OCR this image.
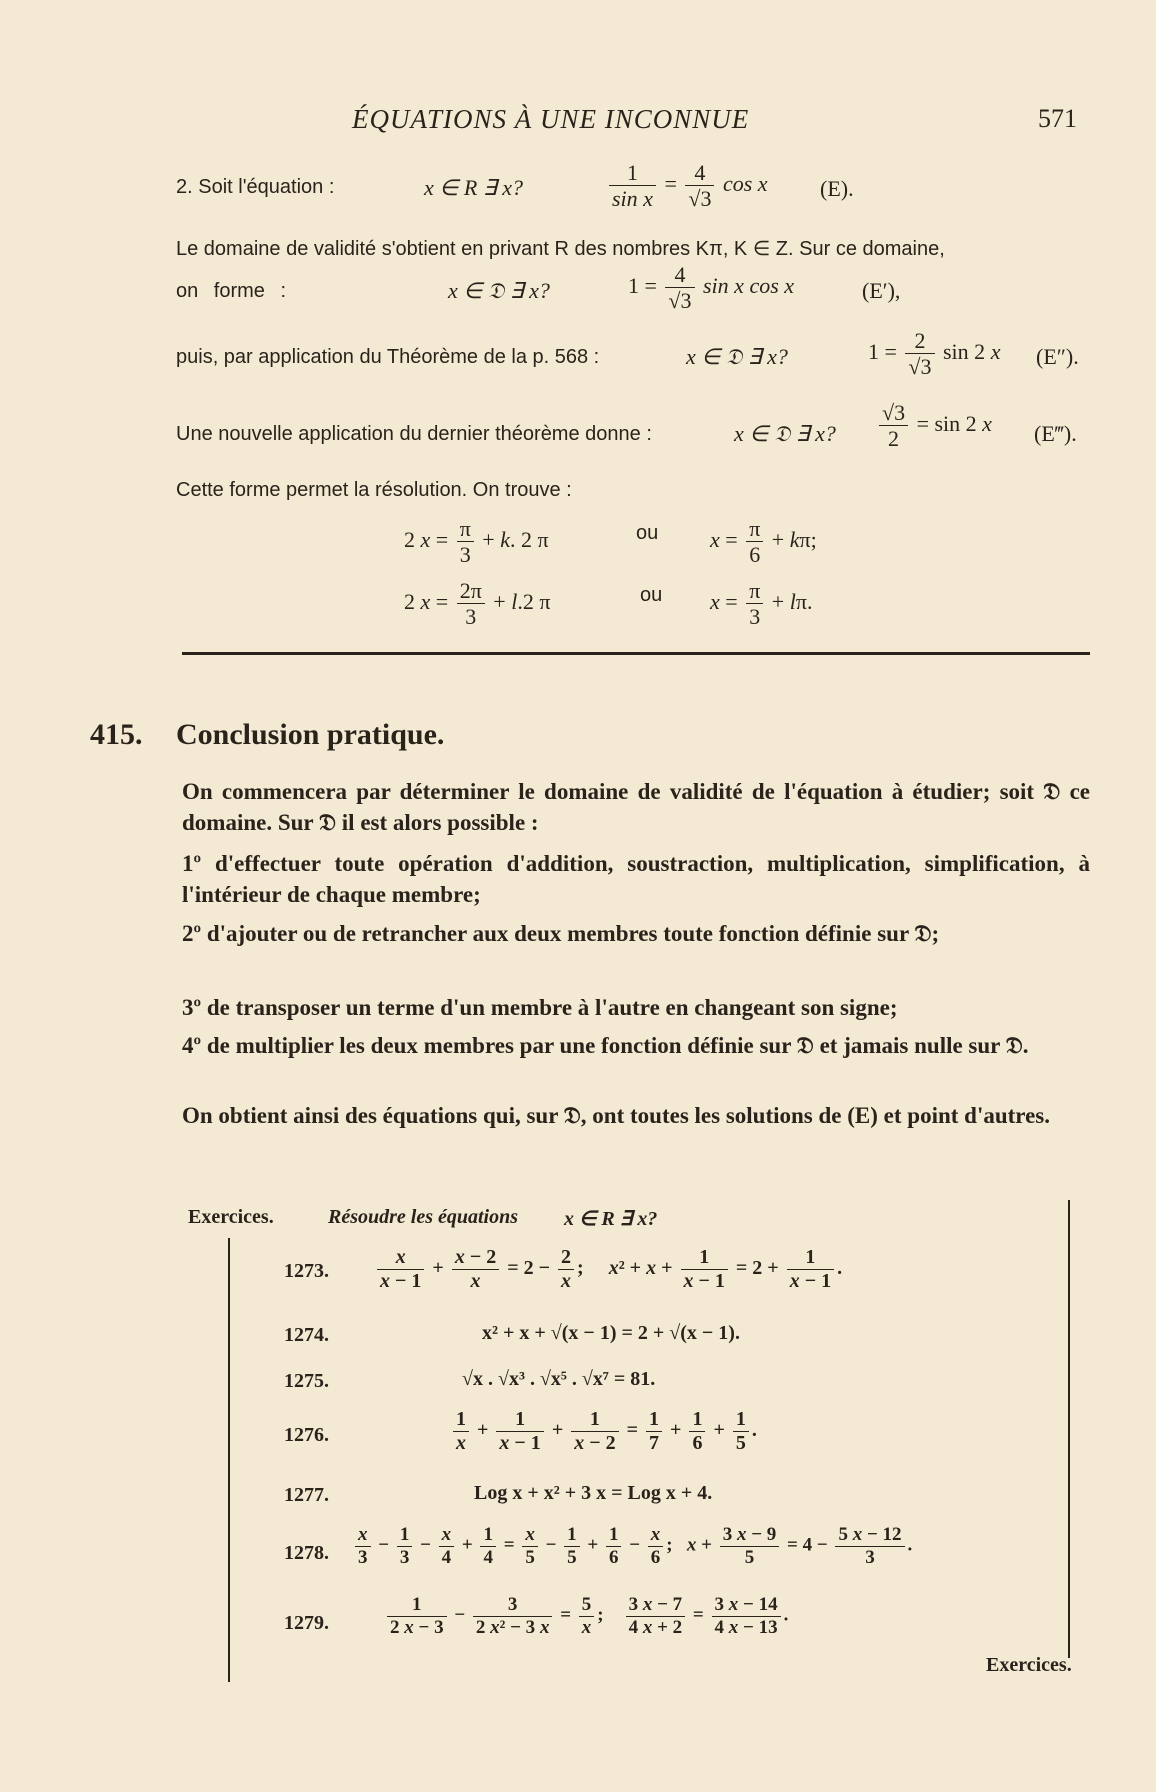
ÉQUATIONS À UNE INCONNUE	571
2. Soit l'équation :	x ∈ R ∃ x?	$\frac{1}{\text{sin x}} = \frac{4}{√3}$ cos x (E).
Le domaine de validité s'obtient en privant R des nombres Kπ, K ∈ Z. Sur ce domaine,
on forme :	x ∈ 𝔇 ∃ x?	$1 = \frac{4}{√3}$ sin x cos x	(E′),
puis, par application du Théorème de la p. 568 :	x ∈ 𝔇 ∃ x?	$1 = \frac{2}{√3}$ sin 2 x (E″).
Une nouvelle application du dernier théorème donne :	x ∈ 𝔇 ∃ x? $\frac{√3}{2} = \sin 2$ x (E‴).
Cette forme permet la résolution. On trouve :
2 $x = \frac{\pi}{3} + k$. 2 π	ou $x = \frac{\pi}{6} + k\pi$;
2 $x = \frac{2\pi}{3} + l.2$ π	ou $x = \frac{\pi}{3} + l\pi$.
415. Conclusion pratique.
On commencera par déterminer le domaine de validité de l'équation à étudier; soit 𝔇 ce domaine. Sur 𝔇 il est alors possible :
1º d'effectuer toute opération d'addition, soustraction, multiplication, simplification, à l'intérieur de chaque membre;
2º d'ajouter ou de retrancher aux deux membres toute fonction définie sur 𝔇;
3º de transposer un terme d'un membre à l'autre en changeant son signe;
4º de multiplier les deux membres par une fonction définie sur 𝔇 et jamais nulle sur 𝔇.
On obtient ainsi des équations qui, sur 𝔇, ont toutes les solutions de (E) et point d'autres.
Exercices.	Résoudre les équations x ∈ R ∃ x?
1273. $\frac{x}{x - 1} + \frac{x - 2}{x} = 2 - \frac{2}{x}$ ;     $x^2 + x + \frac{1}{x - 1} = 2 + \frac{1}{x - 1}$ .
1274.	x² + x + √(x − 1) = 2 + √(x − 1).
1275.	√x . √x³ . √x⁵ . √x⁷ = 81.
1276.	$\frac{1}{x} + \frac{1}{x - 1} + \frac{1}{x - 2} = \frac{1}{7} + \frac{1}{6} + \frac{1}{5}$ .
1277.	Log x + x² + 3 x = Log x + 4.
1278. $\frac{x}{3} - \frac{1}{3} - \frac{x}{4} + \frac{1}{4} = \frac{x}{5} - \frac{1}{5} + \frac{1}{6} - \frac{x}{6}$ ;   $x + \frac{3 x - 9}{5} = 4 - \frac{5 x - 12}{3}$ .
1279.	$\frac{1}{2 x - 3} - \frac{3}{\text{2 x² − 3 x}} = \frac{5}{x}$ ; $\frac{3 x - 7}{4 x + 2} = \frac{3 x - 14}{4 x - 13}$ .
Exercices.
